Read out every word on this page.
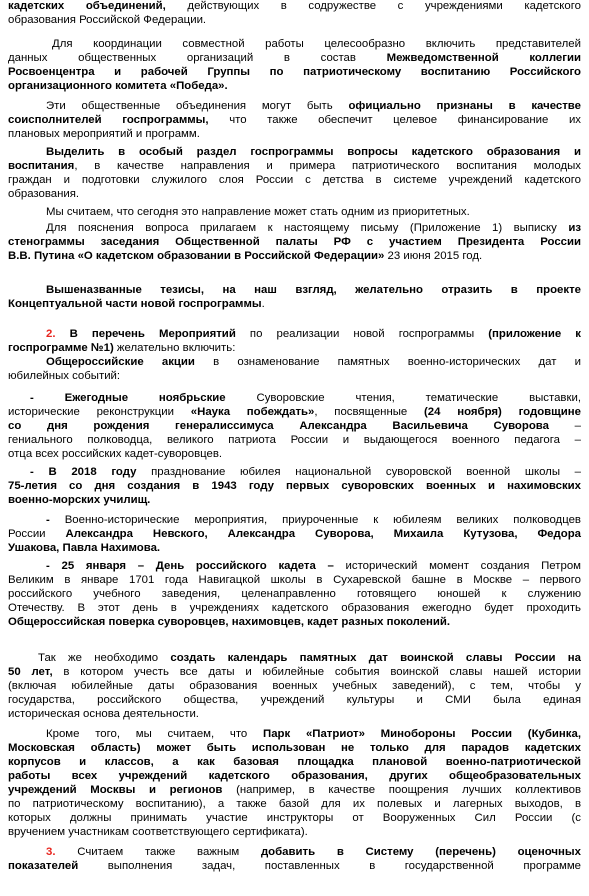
кадетских объединений, действующих в содружестве с учреждениями кадетского
образования Российской Федерации.
Для координации совместной работы целесообразно включить представителей
данных общественных организаций в состав Межведомственной коллегии
Росвоенцентра и рабочей Группы по патриотическому воспитанию Российского
организационного комитета «Победа».
Эти общественные объединения могут быть официально признаны в качестве
соисполнителей госпрограммы, что также обеспечит целевое финансирование их
плановых мероприятий и программ.
Выделить в особый раздел госпрограммы вопросы кадетского образования и
воспитания, в качестве направления и примера патриотического воспитания молодых
граждан и подготовки служилого слоя России с детства в системе учреждений кадетского
образования.
Мы считаем, что сегодня это направление может стать одним из приоритетных.
Для пояснения вопроса прилагаем к настоящему письму (Приложение 1) выписку из
стенограммы заседания Общественной палаты РФ с участием Президента России
В.В. Путина «О кадетском образовании в Российской Федерации» 23 июня 2015 год.
Вышеназванные тезисы, на наш взгляд, желательно отразить в проекте
Концептуальной части новой госпрограммы.
2. В перечень Мероприятий по реализации новой госпрограммы (приложение к
госпрограмме №1) желательно включить:
Общероссийские акции в ознаменование памятных военно-исторических дат и
юбилейных событий:
- Ежегодные ноябрьские Суворовские чтения, тематические выставки,
исторические реконструкции «Наука побеждать», посвященные (24 ноября) годовщине
со дня рождения генералиссимуса Александра Васильевича Суворова –
гениального полководца, великого патриота России и выдающегося военного педагога –
отца всех российских кадет-суворовцев.
- В 2018 году празднование юбилея национальной суворовской военной школы –
75-летия со дня создания в 1943 году первых суворовских военных и нахимовских
военно-морских училищ.
- Военно-исторические мероприятия, приуроченные к юбилеям великих полководцев
России Александра Невского, Александра Суворова, Михаила Кутузова, Федора
Ушакова, Павла Нахимова.
- 25 января – День российского кадета – исторический момент создания Петром
Великим в январе 1701 года Навигацкой школы в Сухаревской башне в Москве – первого
российского учебного заведения, целенаправленно готовящего юношей к служению
Отечеству. В этот день в учреждениях кадетского образования ежегодно будет проходить
Общероссийская поверка суворовцев, нахимовцев, кадет разных поколений.
Так же необходимо создать календарь памятных дат воинской славы России на
50 лет, в котором учесть все даты и юбилейные события воинской славы нашей истории
(включая юбилейные даты образования военных учебных заведений), с тем, чтобы у
государства, российского общества, учреждений культуры и СМИ была единая
историческая основа деятельности.
Кроме того, мы считаем, что Парк «Патриот» Минобороны России (Кубинка,
Московская область) может быть использован не только для парадов кадетских
корпусов и классов, а как базовая площадка плановой военно-патриотической
работы всех учреждений кадетского образования, других общеобразовательных
учреждений Москвы и регионов (например, в качестве поощрения лучших коллективов
по патриотическому воспитанию), а также базой для их полевых и лагерных выходов, в
которых должны принимать участие инструкторы от Вооруженных Сил России (с
вручением участникам соответствующего сертификата).
3. Считаем также важным добавить в Систему (перечень) оценочных
показателей выполнения задач, поставленных в государственной программе
